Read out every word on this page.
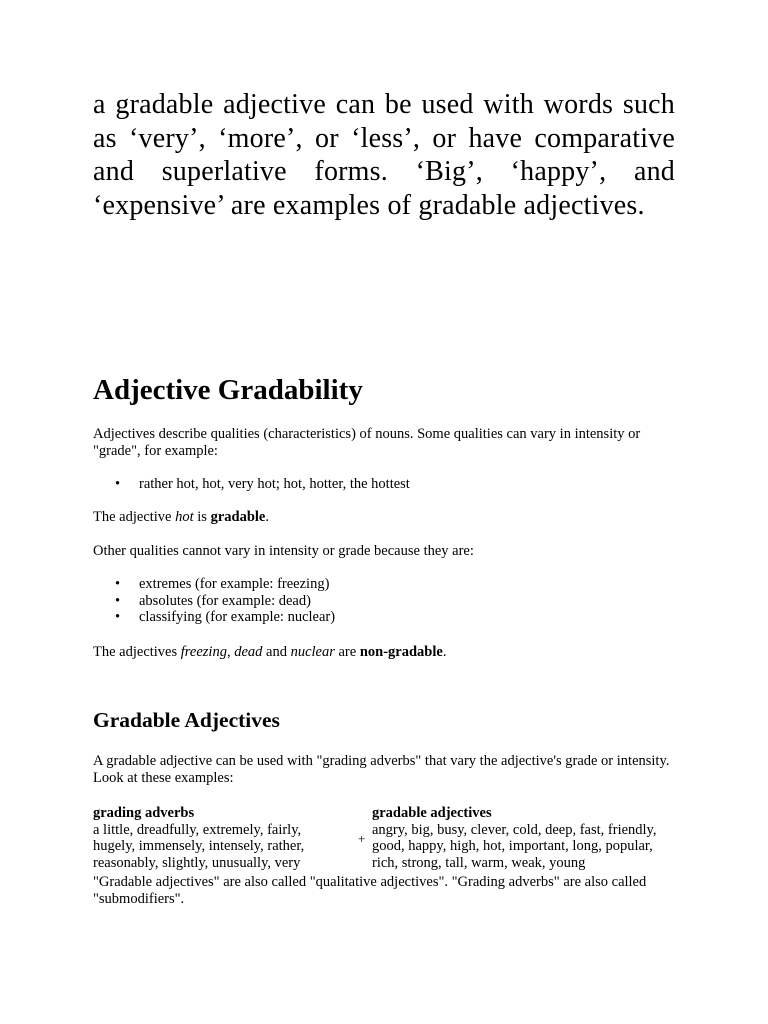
a gradable adjective can be used with words such as ‘very’, ‘more’, or ‘less’, or have comparative and superlative forms. ‘Big’, ‘happy’, and ‘expensive’ are examples of gradable adjectives.

Adjective Gradability

Adjectives describe qualities (characteristics) of nouns. Some qualities can vary in intensity or "grade", for example:

• rather hot, hot, very hot; hot, hotter, the hottest

The adjective hot is gradable.

Other qualities cannot vary in intensity or grade because they are:

• extremes (for example: freezing)
• absolutes (for example: dead)
• classifying (for example: nuclear)

The adjectives freezing, dead and nuclear are non-gradable.

Gradable Adjectives

A gradable adjective can be used with "grading adverbs" that vary the adjective's grade or intensity. Look at these examples:

grading adverbs
a little, dreadfully, extremely, fairly,
hugely, immensely, intensely, rather,
reasonably, slightly, unusually, very
+
gradable adjectives
angry, big, busy, clever, cold, deep, fast, friendly,
good, happy, high, hot, important, long, popular,
rich, strong, tall, warm, weak, young

"Gradable adjectives" are also called "qualitative adjectives". "Grading adverbs" are also called "submodifiers".
